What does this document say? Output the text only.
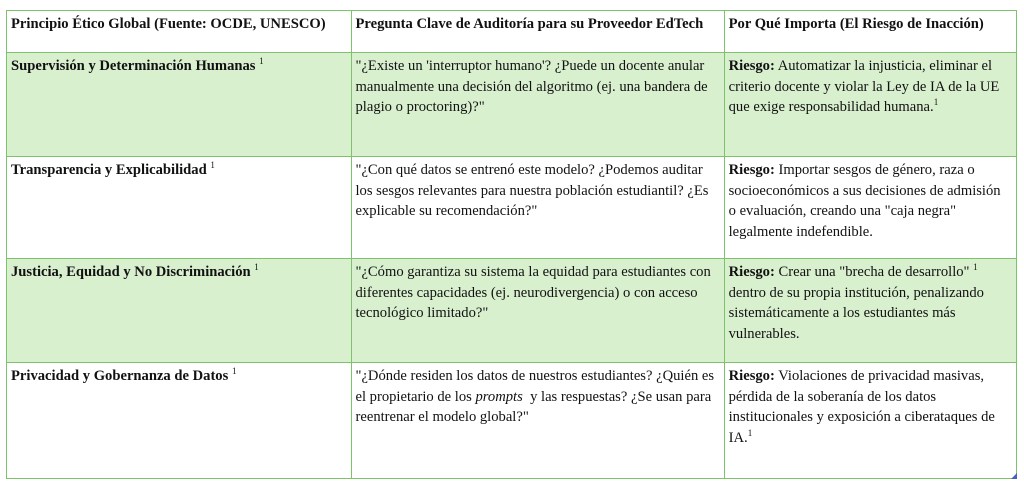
Principio Ético Global (Fuente: OCDE, UNESCO)	Pregunta Clave de Auditoría para su Proveedor EdTech	Por Qué Importa (El Riesgo de Inacción)
Supervisión y Determinación Humanas $^1$	"¿Existe un 'interruptor humano'? ¿Puede un docente anular manualmente una decisión del algoritmo (ej. una bandera de plagio o proctoring)?"	Riesgo: Automatizar la injusticia, eliminar el criterio docente y violar la Ley de IA de la UE que exige responsabilidad humana.$^1$
Transparencia y Explicabilidad $^1$	"¿Con qué datos se entrenó este modelo? ¿Podemos auditar los sesgos relevantes para nuestra población estudiantil? ¿Es explicable su recomendación?"	Riesgo: Importar sesgos de género, raza o socioeconómicos a sus decisiones de admisión o evaluación, creando una "caja negra" legalmente indefendible.
Justicia, Equidad y No Discriminación $^1$	"¿Cómo garantiza su sistema la equidad para estudiantes con diferentes capacidades (ej. neurodivergencia) o con acceso tecnológico limitado?"	Riesgo: Crear una "brecha de desarrollo" $^1$ dentro de su propia institución, penalizando sistemáticamente a los estudiantes más vulnerables.
Privacidad y Gobernanza de Datos $^1$	"¿Dónde residen los datos de nuestros estudiantes? ¿Quién es el propietario de los prompts  y las respuestas? ¿Se usan para reentrenar el modelo global?"	Riesgo: Violaciones de privacidad masivas, pérdida de la soberanía de los datos institucionales y exposición a ciberataques de IA.$^1$
